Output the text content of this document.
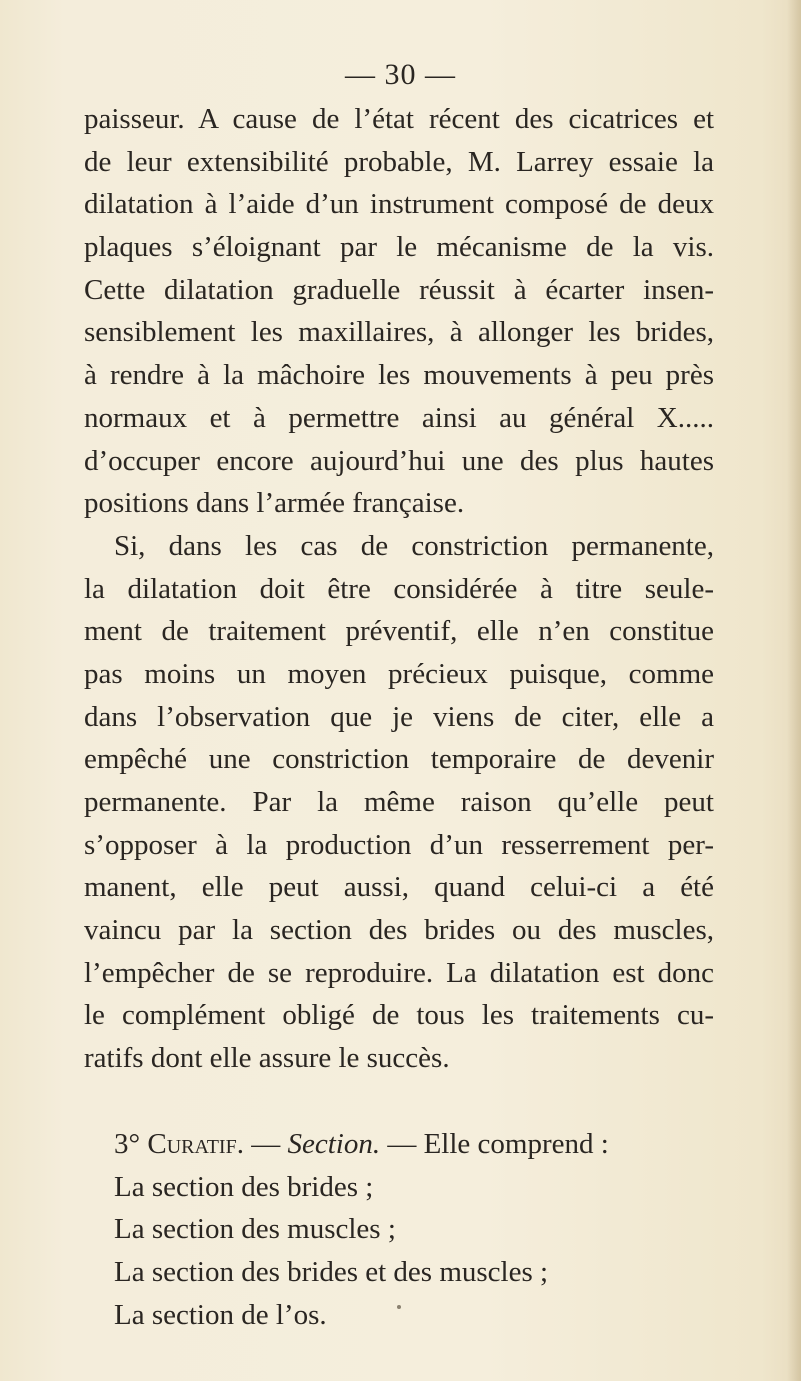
— 30 —
paisseur. A cause de l’état récent des cicatrices et
de leur extensibilité probable, M. Larrey essaie la
dilatation à l’aide d’un instrument composé de deux
plaques s’éloignant par le mécanisme de la vis.
Cette dilatation graduelle réussit à écarter insen-
sensiblement les maxillaires, à allonger les brides,
à rendre à la mâchoire les mouvements à peu près
normaux et à permettre ainsi au général X.....
d’occuper encore aujourd’hui une des plus hautes
positions dans l’armée française.
Si, dans les cas de constriction permanente,
la dilatation doit être considérée à titre seule-
ment de traitement préventif, elle n’en constitue
pas moins un moyen précieux puisque, comme
dans l’observation que je viens de citer, elle a
empêché une constriction temporaire de devenir
permanente. Par la même raison qu’elle peut
s’opposer à la production d’un resserrement per-
manent, elle peut aussi, quand celui-ci a été
vaincu par la section des brides ou des muscles,
l’empêcher de se reproduire. La dilatation est donc
le complément obligé de tous les traitements cu-
ratifs dont elle assure le succès.
3° Curatif. — Section. — Elle comprend :
La section des brides ;
La section des muscles ;
La section des brides et des muscles ;
La section de l’os.
